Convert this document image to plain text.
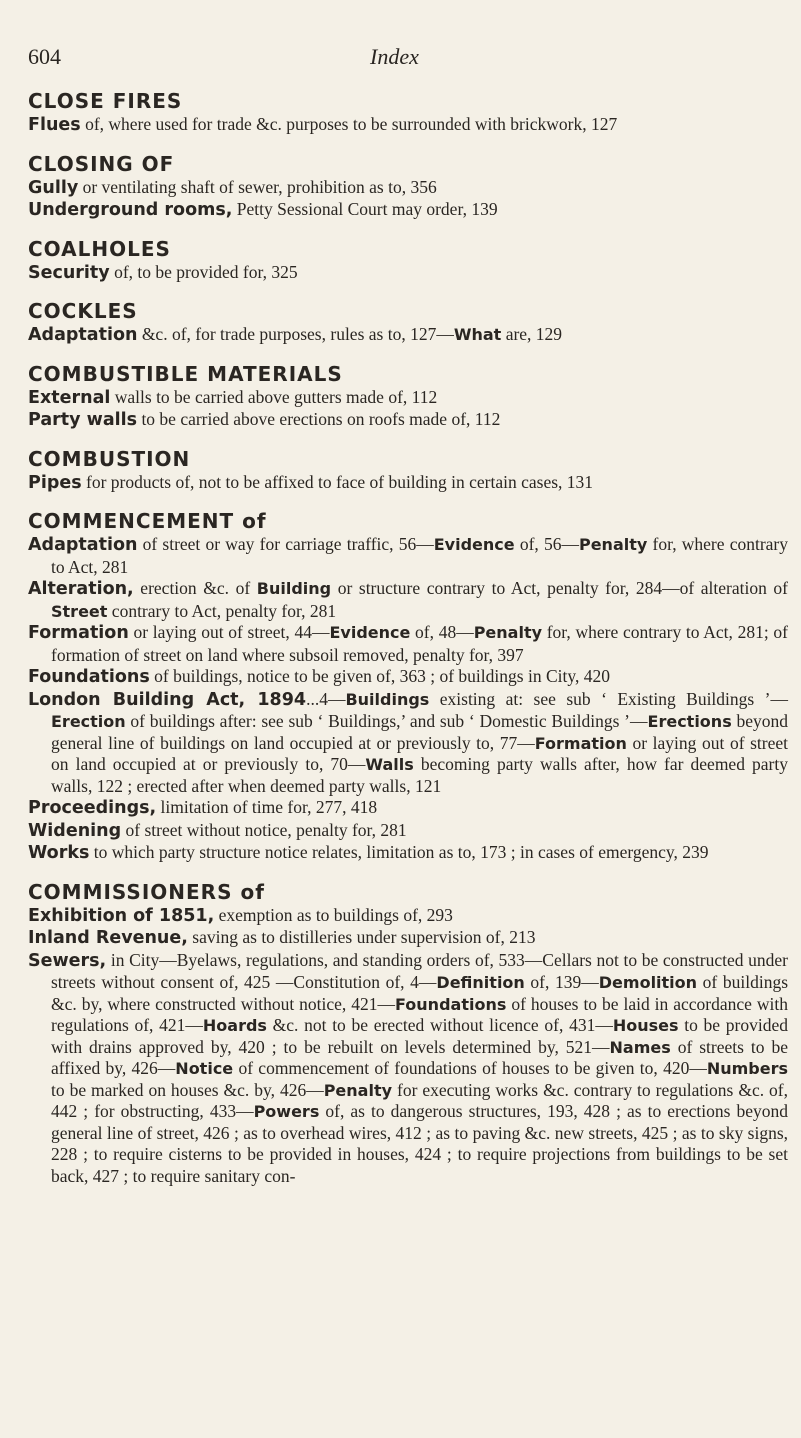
604	Index
CLOSE FIRES
Flues of, where used for trade &c. purposes to be surrounded with brickwork, 127
CLOSING OF
Gully or ventilating shaft of sewer, prohibition as to, 356
Underground rooms, Petty Sessional Court may order, 139
COALHOLES
Security of, to be provided for, 325
COCKLES
Adaptation &c. of, for trade purposes, rules as to, 127—What are, 129
COMBUSTIBLE MATERIALS
External walls to be carried above gutters made of, 112
Party walls to be carried above erections on roofs made of, 112
COMBUSTION
Pipes for products of, not to be affixed to face of building in certain cases, 131
COMMENCEMENT of
Adaptation of street or way for carriage traffic, 56—Evidence of, 56—Penalty for, where contrary to Act, 281
Alteration, erection &c. of Building or structure contrary to Act, penalty for, 284—of alteration of Street contrary to Act, penalty for, 281
Formation or laying out of street, 44—Evidence of, 48—Penalty for, where contrary to Act, 281; of formation of street on land where subsoil removed, penalty for, 397
Foundations of buildings, notice to be given of, 363 ; of buildings in City, 420
London Building Act, 1894...4—Buildings existing at: see sub ‘ Existing Buildings ’—Erection of buildings after: see sub ‘ Buildings,’ and sub ‘ Domestic Buildings ’—Erections beyond general line of buildings on land occupied at or previously to, 77—Formation or laying out of street on land occupied at or previously to, 70—Walls becoming party walls after, how far deemed party walls, 122 ; erected after when deemed party walls, 121
Proceedings, limitation of time for, 277, 418
Widening of street without notice, penalty for, 281
Works to which party structure notice relates, limitation as to, 173 ; in cases of emergency, 239
COMMISSIONERS of
Exhibition of 1851, exemption as to buildings of, 293
Inland Revenue, saving as to distilleries under supervision of, 213
Sewers, in City—Byelaws, regulations, and standing orders of, 533—Cellars not to be constructed under streets without consent of, 425 —Constitution of, 4—Definition of, 139—Demolition of buildings &c. by, where constructed without notice, 421—Foundations of houses to be laid in accordance with regulations of, 421—Hoards &c. not to be erected without licence of, 431—Houses to be provided with drains approved by, 420 ; to be rebuilt on levels determined by, 521—Names of streets to be affixed by, 426—Notice of commencement of foundations of houses to be given to, 420—Numbers to be marked on houses &c. by, 426—Penalty for executing works &c. contrary to regulations &c. of, 442 ; for obstructing, 433—Powers of, as to dangerous structures, 193, 428 ; as to erections beyond general line of street, 426 ; as to overhead wires, 412 ; as to paving &c. new streets, 425 ; as to sky signs, 228 ; to require cisterns to be provided in houses, 424 ; to require projections from buildings to be set back, 427 ; to require sanitary con-
